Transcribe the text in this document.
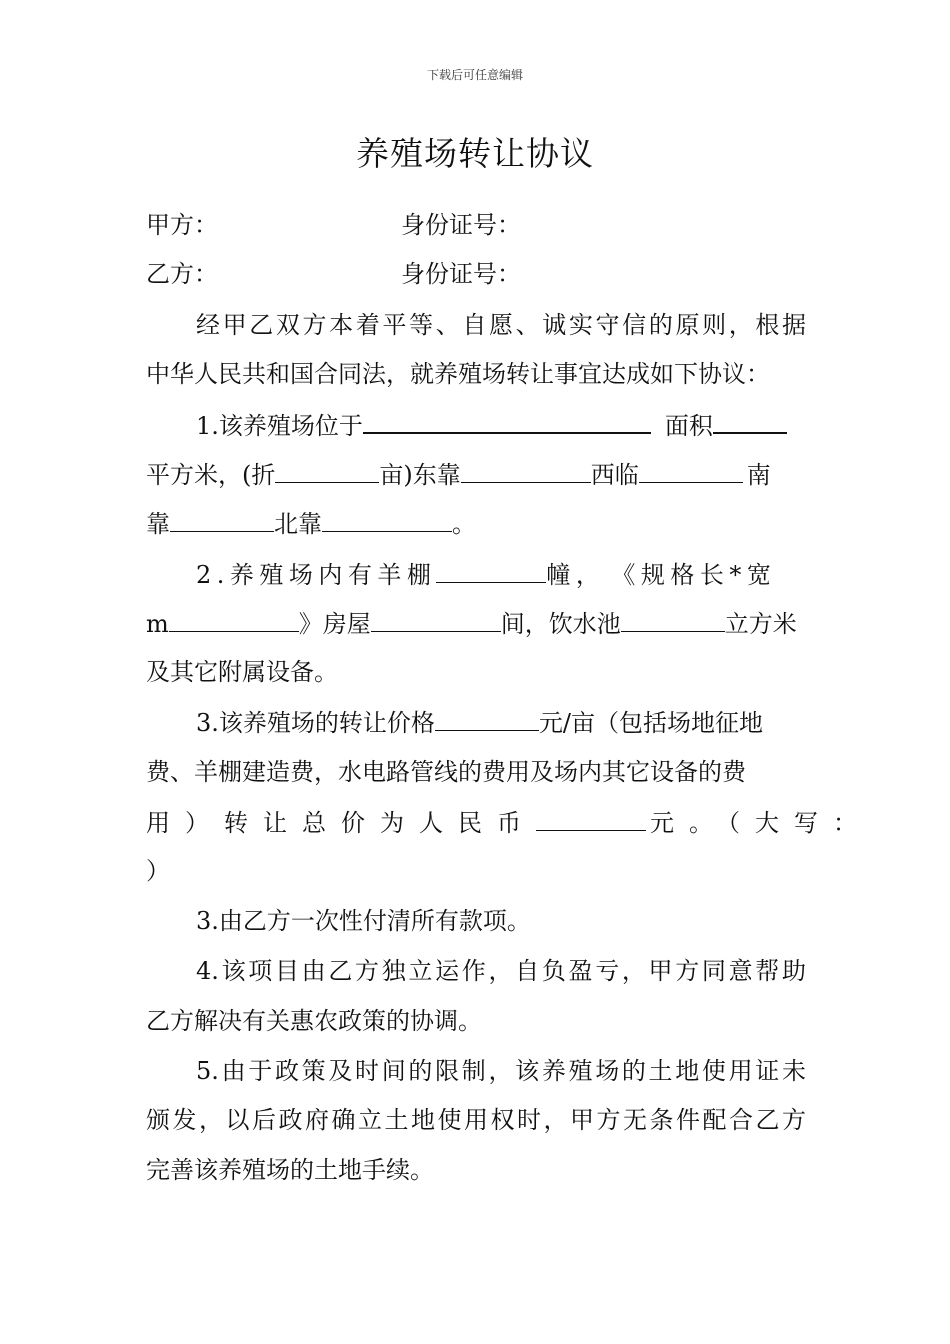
下载后可任意编辑
养殖场转让协议
甲方：	身份证号：
乙方：	身份证号：
经甲乙双方本着平等、自愿、诚实守信的原则，根据
中华人民共和国合同法，就养殖场转让事宜达成如下协议：
1.该养殖场位于	面积
平方米，(折	亩)东靠	西临	南
靠	北靠	。
2.养殖场内有羊棚	幢， 《规格长*宽
m	》房屋	间，饮水池	立方米
及其它附属设备。
3.该养殖场的转让价格	元/亩（包括场地征地
费、羊棚建造费，水电路管线的费用及场内其它设备的费
用）转让总价为人民币	元。（大写：
）
3.由乙方一次性付清所有款项。
4.该项目由乙方独立运作，自负盈亏，甲方同意帮助
乙方解决有关惠农政策的协调。
5.由于政策及时间的限制，该养殖场的土地使用证未
颁发，以后政府确立土地使用权时，甲方无条件配合乙方
完善该养殖场的土地手续。
